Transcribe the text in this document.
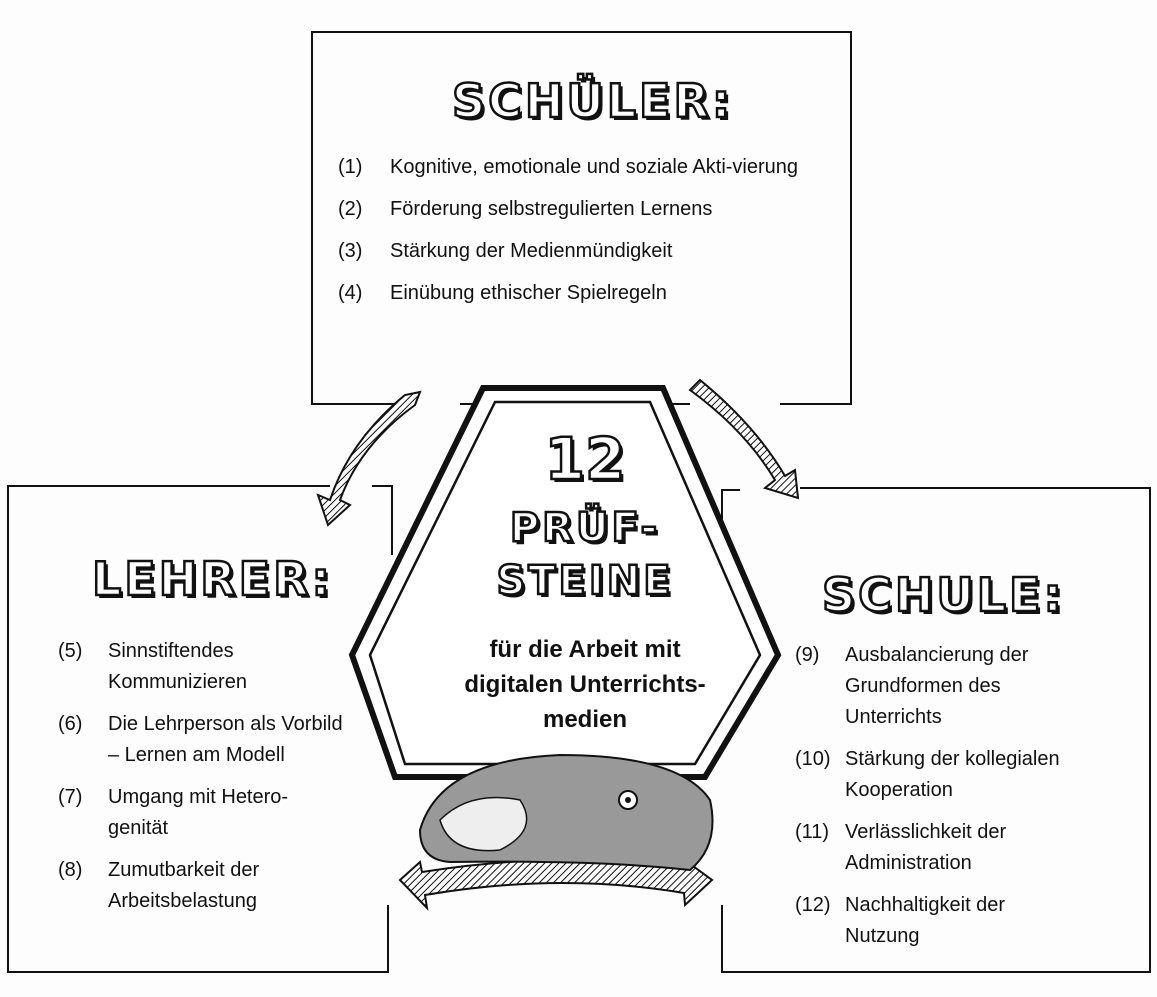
SCHÜLER:
(1)	Kognitive, emotionale und soziale Akti-vierung
(2)	Förderung selbstregulierten Lernens
(3)	Stärkung der Medienmündigkeit
(4)	Einübung ethischer Spielregeln
LEHRER:
(5)	Sinnstiftendes Kommunizieren
(6)	Die Lehrperson als Vorbild – Lernen am Modell
(7)	Umgang mit Hetero-genität
(8)	Zumutbarkeit der Arbeitsbelastung
SCHULE:
(9)	Ausbalancierung der Grundformen des Unterrichts
(10) Stärkung der kollegialen Kooperation
(11) Verlässlichkeit der Administration
(12) Nachhaltigkeit der Nutzung
12
PRÜF-
STEINE
für die Arbeit mit
digitalen Unterrichts-
medien
